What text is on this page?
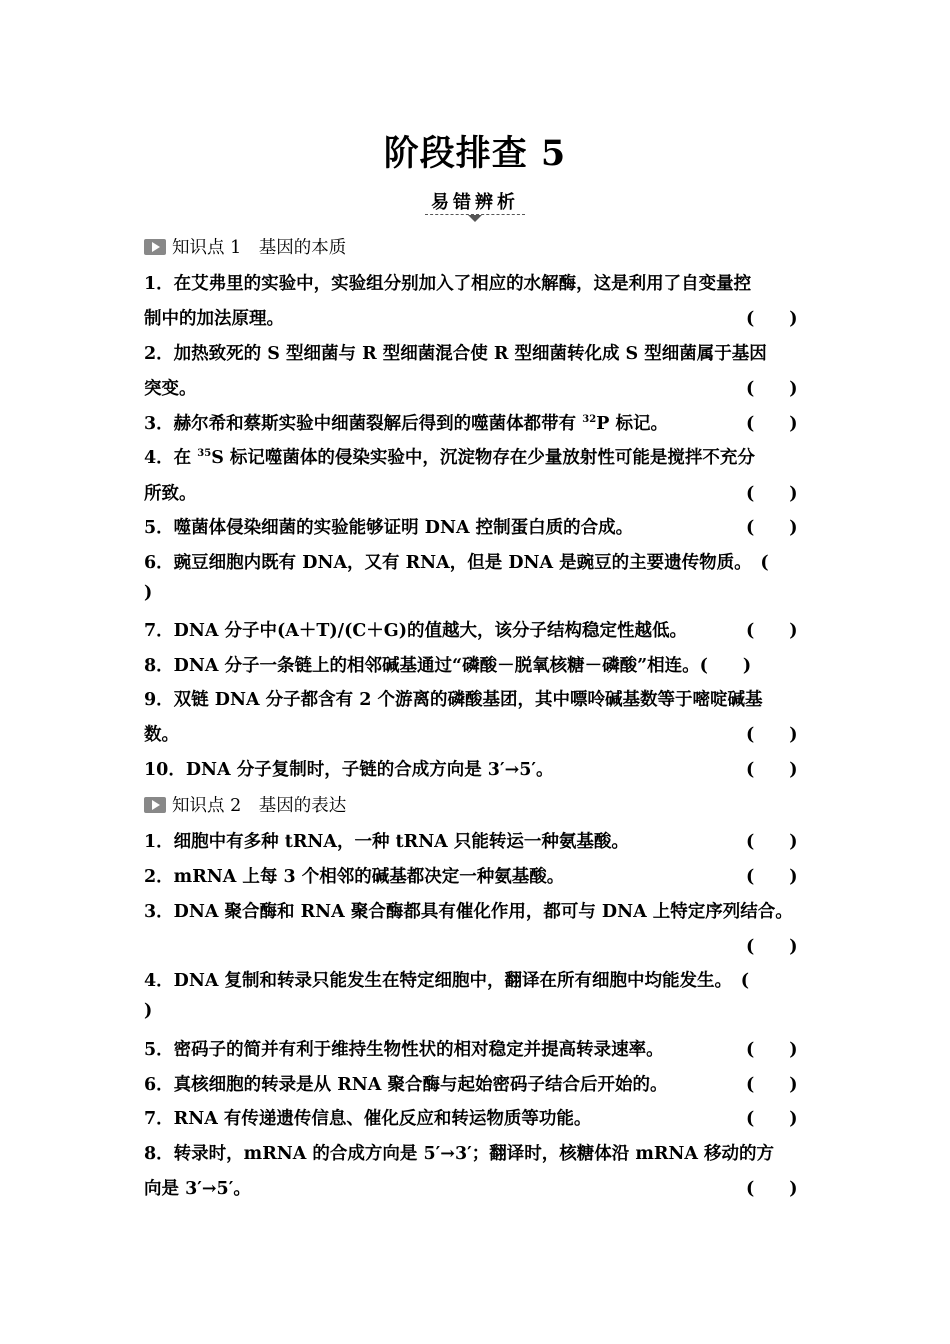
阶段排查 5
易错辨析
知识点 1　基因的本质
1．在艾弗里的实验中，实验组分别加入了相应的水解酶，这是利用了自变量控
制中的加法原理。	(　　)
2．加热致死的 S 型细菌与 R 型细菌混合使 R 型细菌转化成 S 型细菌属于基因
突变。	(　　)
3．赫尔希和蔡斯实验中细菌裂解后得到的噬菌体都带有 $^{32}$P 标记。	(　　)
4．在 $^{35}$S 标记噬菌体的侵染实验中，沉淀物存在少量放射性可能是搅拌不充分
所致。	(　　)
5．噬菌体侵染细菌的实验能够证明 DNA 控制蛋白质的合成。	(　　)
6．豌豆细胞内既有 DNA，又有 RNA，但是 DNA 是豌豆的主要遗传物质。　(
)
7．DNA 分子中(A＋T)/(C＋G)的值越大，该分子结构稳定性越低。	(　　)
8．DNA 分子一条链上的相邻碱基通过“磷酸－脱氧核糖－磷酸”相连。(　　)
9．双链 DNA 分子都含有 2 个游离的磷酸基团，其中嘌呤碱基数等于嘧啶碱基
数。	(　　)
10．DNA 分子复制时，子链的合成方向是 3′→5′。	(　　)
知识点 2　基因的表达
1．细胞中有多种 tRNA，一种 tRNA 只能转运一种氨基酸。	(　　)
2．mRNA 上每 3 个相邻的碱基都决定一种氨基酸。	(　　)
3．DNA 聚合酶和 RNA 聚合酶都具有催化作用，都可与 DNA 上特定序列结合。
(　　)
4．DNA 复制和转录只能发生在特定细胞中，翻译在所有细胞中均能发生。　(
)
5．密码子的简并有利于维持生物性状的相对稳定并提高转录速率。	(　　)
6．真核细胞的转录是从 RNA 聚合酶与起始密码子结合后开始的。	(　　)
7．RNA 有传递遗传信息、催化反应和转运物质等功能。	(　　)
8．转录时，mRNA 的合成方向是 5′→3′；翻译时，核糖体沿 mRNA 移动的方
向是 3′→5′。	(　　)
